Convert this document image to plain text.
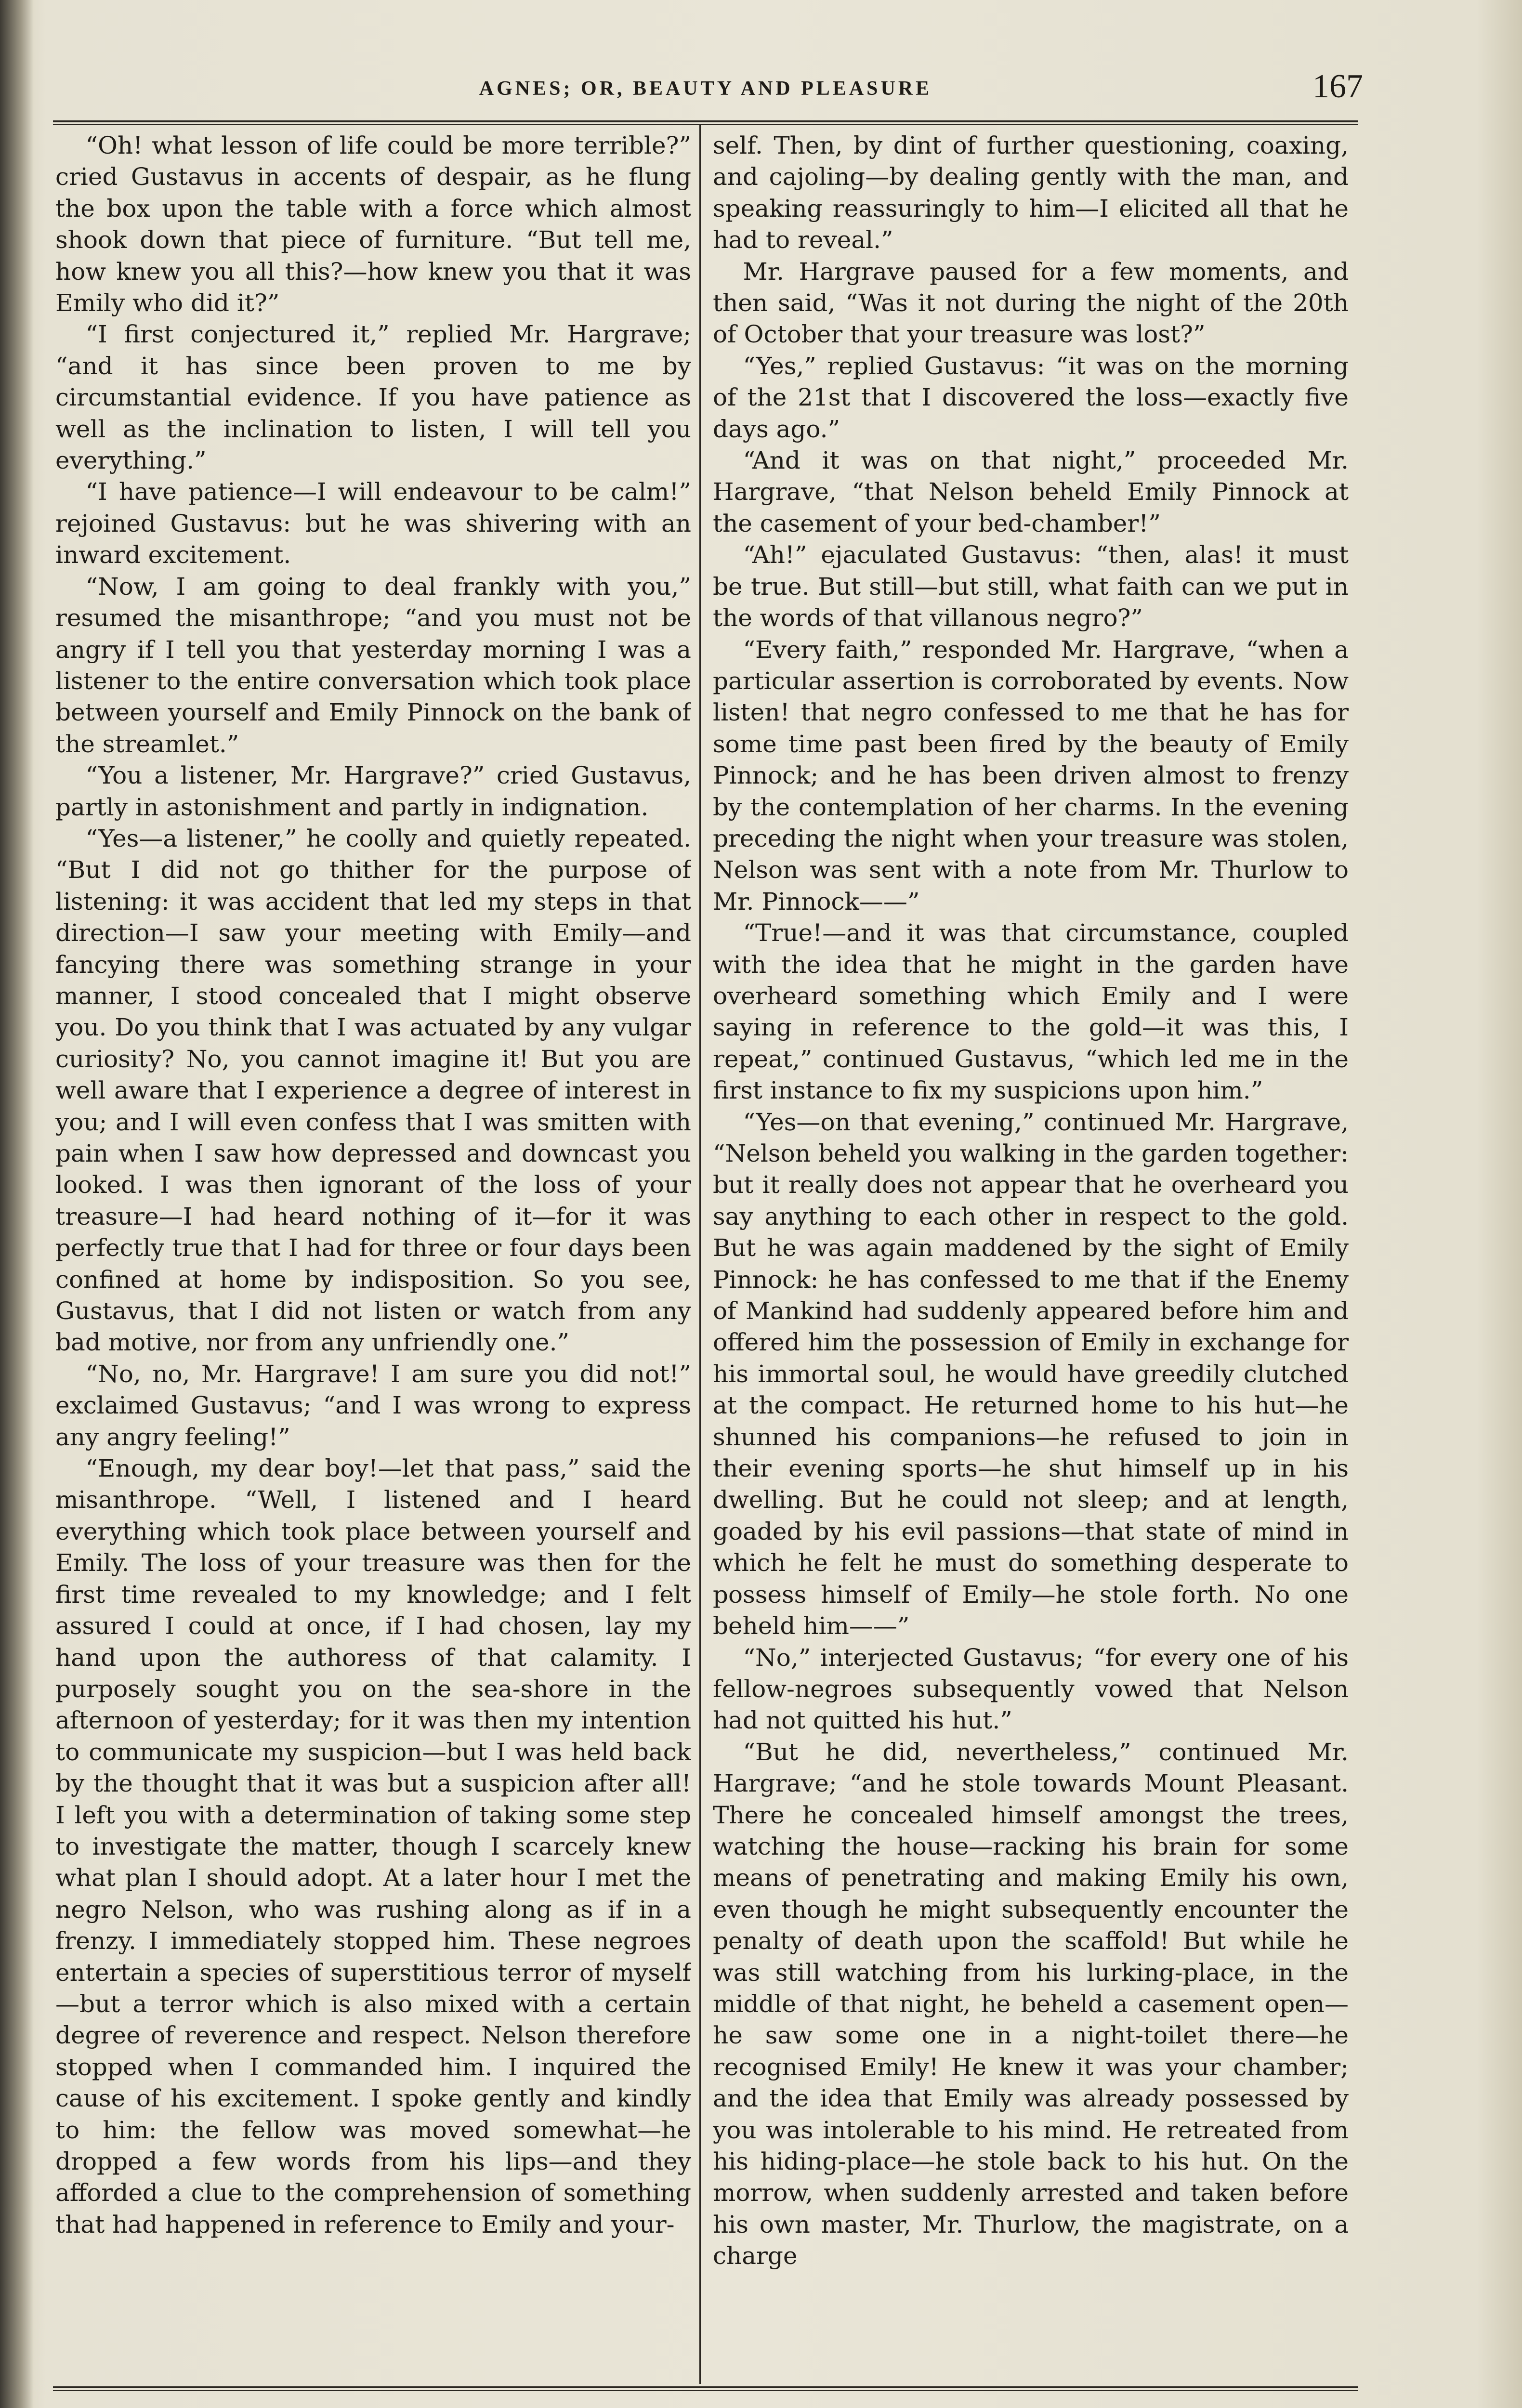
AGNES; OR, BEAUTY AND PLEASURE	167

“Oh! what lesson of life could be more terrible?” cried Gustavus in accents of despair, as he flung the box upon the table with a force which almost shook down that piece of furniture. “But tell me, how knew you all this?—how knew you that it was Emily who did it?”

“I first conjectured it,” replied Mr. Hargrave; “and it has since been proven to me by circumstantial evidence. If you have patience as well as the inclination to listen, I will tell you everything.”

“I have patience—I will endeavour to be calm!” rejoined Gustavus: but he was shivering with an inward excitement.

“Now, I am going to deal frankly with you,” resumed the misanthrope; “and you must not be angry if I tell you that yesterday morning I was a listener to the entire conversation which took place between yourself and Emily Pinnock on the bank of the streamlet.”

“You a listener, Mr. Hargrave?” cried Gustavus, partly in astonishment and partly in indignation.

“Yes—a listener,” he coolly and quietly repeated. “But I did not go thither for the purpose of listening: it was accident that led my steps in that direction—I saw your meeting with Emily—and fancying there was something strange in your manner, I stood concealed that I might observe you. Do you think that I was actuated by any vulgar curiosity? No, you cannot imagine it! But you are well aware that I experience a degree of interest in you; and I will even confess that I was smitten with pain when I saw how depressed and downcast you looked. I was then ignorant of the loss of your treasure—I had heard nothing of it—for it was perfectly true that I had for three or four days been confined at home by indisposition. So you see, Gustavus, that I did not listen or watch from any bad motive, nor from any unfriendly one.”

“No, no, Mr. Hargrave! I am sure you did not!” exclaimed Gustavus; “and I was wrong to express any angry feeling!”

“Enough, my dear boy!—let that pass,” said the misanthrope. “Well, I listened and I heard everything which took place between yourself and Emily. The loss of your treasure was then for the first time revealed to my knowledge; and I felt assured I could at once, if I had chosen, lay my hand upon the authoress of that calamity. I purposely sought you on the sea-shore in the afternoon of yesterday; for it was then my intention to communicate my suspicion—but I was held back by the thought that it was but a suspicion after all! I left you with a determination of taking some step to investigate the matter, though I scarcely knew what plan I should adopt. At a later hour I met the negro Nelson, who was rushing along as if in a frenzy. I immediately stopped him. These negroes entertain a species of superstitious terror of myself—but a terror which is also mixed with a certain degree of reverence and respect. Nelson therefore stopped when I commanded him. I inquired the cause of his excitement. I spoke gently and kindly to him: the fellow was moved somewhat—he dropped a few words from his lips—and they afforded a clue to the comprehension of something that had happened in reference to Emily and your-

self. Then, by dint of further questioning, coaxing, and cajoling—by dealing gently with the man, and speaking reassuringly to him—I elicited all that he had to reveal.”

Mr. Hargrave paused for a few moments, and then said, “Was it not during the night of the 20th of October that your treasure was lost?”

“Yes,” replied Gustavus: “it was on the morning of the 21st that I discovered the loss—exactly five days ago.”

“And it was on that night,” proceeded Mr. Hargrave, “that Nelson beheld Emily Pinnock at the casement of your bed-chamber!”

“Ah!” ejaculated Gustavus: “then, alas! it must be true. But still—but still, what faith can we put in the words of that villanous negro?”

“Every faith,” responded Mr. Hargrave, “when a particular assertion is corroborated by events. Now listen! that negro confessed to me that he has for some time past been fired by the beauty of Emily Pinnock; and he has been driven almost to frenzy by the contemplation of her charms. In the evening preceding the night when your treasure was stolen, Nelson was sent with a note from Mr. Thurlow to Mr. Pinnock——”

“True!—and it was that circumstance, coupled with the idea that he might in the garden have overheard something which Emily and I were saying in reference to the gold—it was this, I repeat,” continued Gustavus, “which led me in the first instance to fix my suspicions upon him.”

“Yes—on that evening,” continued Mr. Hargrave, “Nelson beheld you walking in the garden together: but it really does not appear that he overheard you say anything to each other in respect to the gold. But he was again maddened by the sight of Emily Pinnock: he has confessed to me that if the Enemy of Mankind had suddenly appeared before him and offered him the possession of Emily in exchange for his immortal soul, he would have greedily clutched at the compact. He returned home to his hut—he shunned his companions—he refused to join in their evening sports—he shut himself up in his dwelling. But he could not sleep; and at length, goaded by his evil passions—that state of mind in which he felt he must do something desperate to possess himself of Emily—he stole forth. No one beheld him——”

“No,” interjected Gustavus; “for every one of his fellow-negroes subsequently vowed that Nelson had not quitted his hut.”

“But he did, nevertheless,” continued Mr. Hargrave; “and he stole towards Mount Pleasant. There he concealed himself amongst the trees, watching the house—racking his brain for some means of penetrating and making Emily his own, even though he might subsequently encounter the penalty of death upon the scaffold! But while he was still watching from his lurking-place, in the middle of that night, he beheld a casement open—he saw some one in a night-toilet there—he recognised Emily! He knew it was your chamber; and the idea that Emily was already possessed by you was intolerable to his mind. He retreated from his hiding-place—he stole back to his hut. On the morrow, when suddenly arrested and taken before his own master, Mr. Thurlow, the magistrate, on a charge
